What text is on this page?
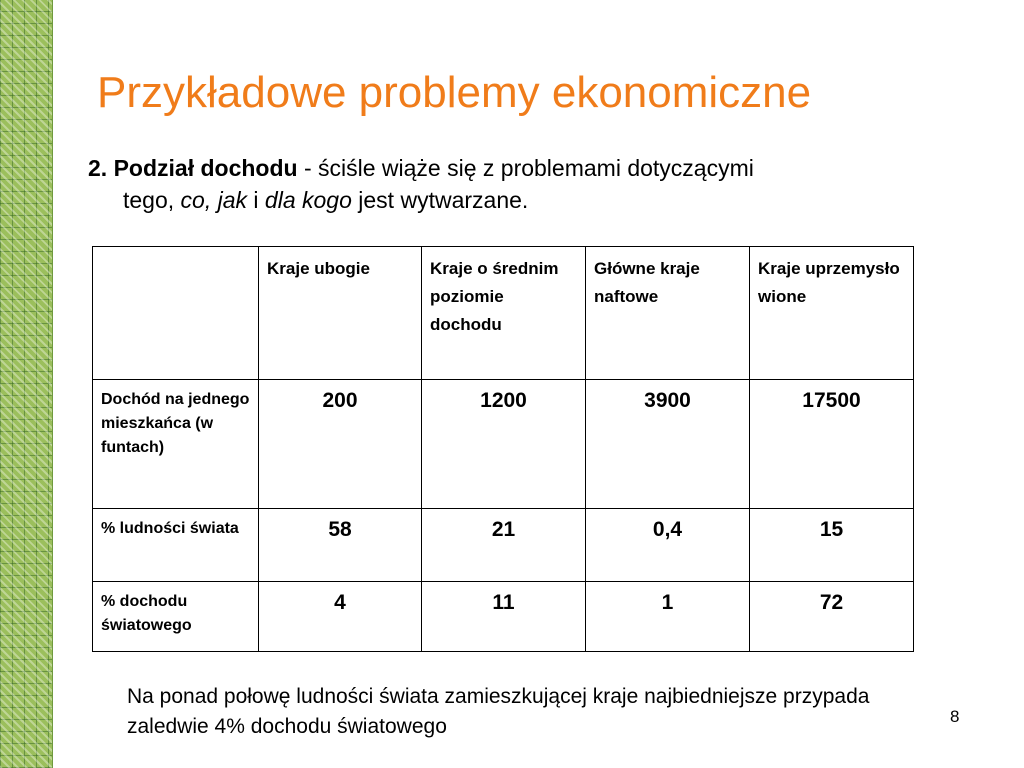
Przykładowe problemy ekonomiczne
2. Podział dochodu - ściśle wiąże się z problemami dotyczącymi
tego, co, jak i dla kogo jest wytwarzane.
	Kraje ubogie	Kraje o średnim poziomie dochodu	Główne kraje naftowe	Kraje uprzemysło wione
Dochód na jednego mieszkańca (w funtach)	200	1200	3900	17500
% ludności świata	58	21	0,4	15
% dochodu światowego	4	11	1	72
Na ponad połowę ludności świata zamieszkującej kraje najbiedniejsze przypada zaledwie 4% dochodu światowego	8
